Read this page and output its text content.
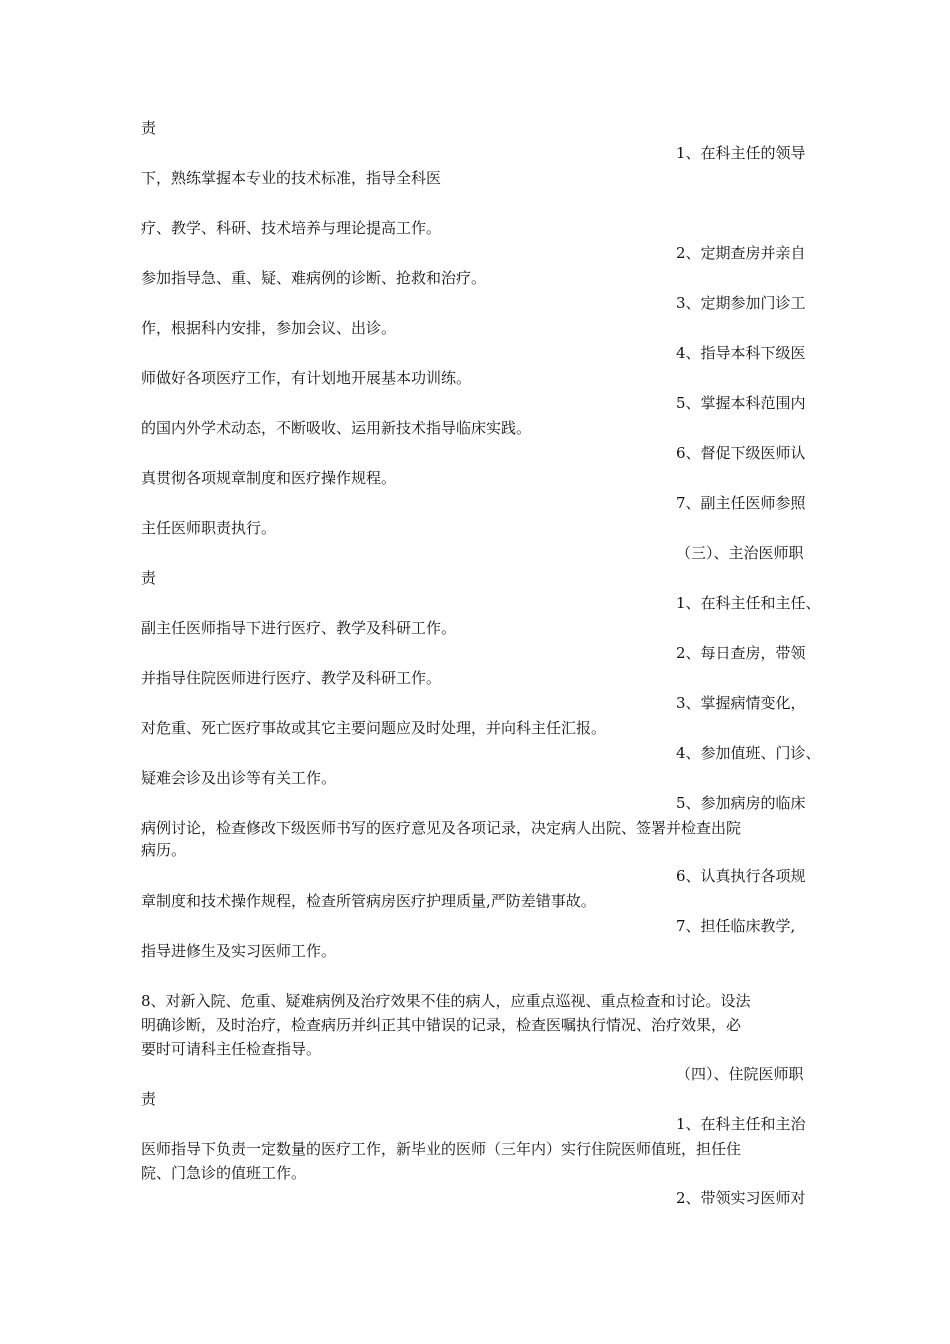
责
1、在科主任的领导
下，熟练掌握本专业的技术标准，指导全科医
疗、教学、科研、技术培养与理论提高工作。
2、定期查房并亲自
参加指导急、重、疑、难病例的诊断、抢救和治疗。
3、定期参加门诊工
作，根据科内安排，参加会议、出诊。
4、指导本科下级医
师做好各项医疗工作，有计划地开展基本功训练。
5、掌握本科范围内
的国内外学术动态，不断吸收、运用新技术指导临床实践。
6、督促下级医师认
真贯彻各项规章制度和医疗操作规程。
7、副主任医师参照
主任医师职责执行。
（三）、主治医师职
责
1、在科主任和主任、
副主任医师指导下进行医疗、教学及科研工作。
2、每日查房，带领
并指导住院医师进行医疗、教学及科研工作。
3、掌握病情变化，
对危重、死亡医疗事故或其它主要问题应及时处理，并向科主任汇报。
4、参加值班、门诊、
疑难会诊及出诊等有关工作。
5、参加病房的临床
病例讨论，检查修改下级医师书写的医疗意见及各项记录，决定病人出院、签署并检查出院
病历。
6、认真执行各项规
章制度和技术操作规程，检查所管病房医疗护理质量,严防差错事故。
7、担任临床教学,
指导进修生及实习医师工作。
8、对新入院、危重、疑难病例及治疗效果不佳的病人，应重点巡视、重点检查和讨论。设法
明确诊断，及时治疗，检查病历并纠正其中错误的记录，检查医嘱执行情况、治疗效果，必
要时可请科主任检查指导。
（四）、住院医师职
责
1、在科主任和主治
医师指导下负责一定数量的医疗工作，新毕业的医师（三年内）实行住院医师值班，担任住
院、门急诊的值班工作。
2、带领实习医师对
